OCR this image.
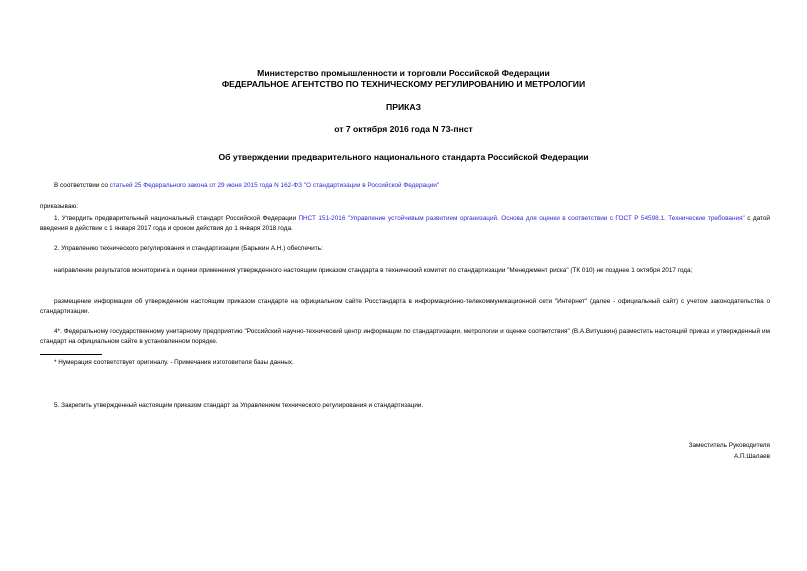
Министерство промышленности и торговли Российской Федерации
ФЕДЕРАЛЬНОЕ АГЕНТСТВО ПО ТЕХНИЧЕСКОМУ РЕГУЛИРОВАНИЮ И МЕТРОЛОГИИ
ПРИКАЗ
от 7 октября 2016 года N 73-пнст
Об утверждении предварительного национального стандарта Российской Федерации
В соответствии со статьей 25 Федерального закона от 29 июня 2015 года N 162-ФЗ "О стандартизации в Российской Федерации"
приказываю:
1. Утвердить предварительный национальный стандарт Российской Федерации ПНСТ 151-2016 "Управление устойчивым развитием организаций. Основа для оценки в соответствии с ГОСТ Р 54598.1. Технические требования" с датой введения в действие с 1 января 2017 года и сроком действия до 1 января 2018 года.
2. Управлению технического регулирования и стандартизации (Барыкин А.Н.) обеспечить:
направление результатов мониторинга и оценки применения утвержденного настоящим приказом стандарта в технический комитет по стандартизации "Менеджмент риска" (ТК 010) не позднее 1 октября 2017 года;
размещение информации об утвержденном настоящим приказом стандарте на официальном сайте Росстандарта в информационно-телекоммуникационной сети "Интернет" (далее - официальный сайт) с учетом законодательства о стандартизации.
4*. Федеральному государственному унитарному предприятию "Российский научно-технический центр информации по стандартизации, метрологии и оценке соответствия" (В.А.Витушкин) разместить настоящий приказ и утвержденный им стандарт на официальном сайте в установленном порядке.
* Нумерация соответствует оригиналу. - Примечание изготовителя базы данных.
5. Закрепить утвержденный настоящим приказом стандарт за Управлением технического регулирования и стандартизации.
Заместитель Руководителя
А.П.Шалаев
